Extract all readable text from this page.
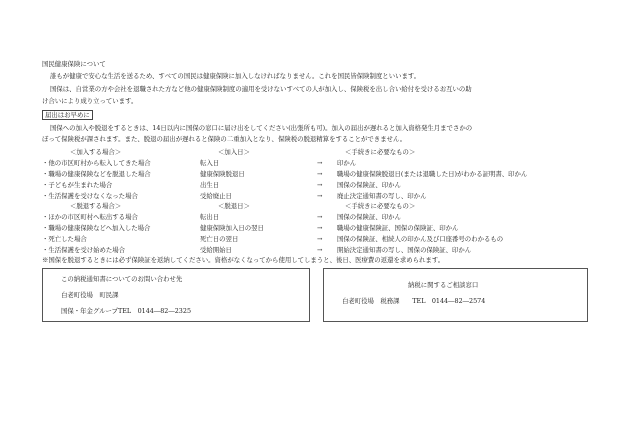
国民健康保険について
誰もが健康で安心な生活を送るため、すべての国民は健康保険に加入しなければなりません。これを国民皆保険制度といいます。
国保は、自営業の方や会社を退職された方など他の健康保険制度の適用を受けないすべての人が加入し、保険税を出し合い給付を受けるお互いの助
け合いにより成り立っています。
届出はお早めに
国保への加入や脱退をするときは、14日以内に国保の窓口に届け出をしてください(出張所も可)。加入の届出が遅れると加入資格発生月までさかの
ぼって保険税が課されます。また、脱退の届出が遅れると保険の二重加入となり、保険税の脱退精算をすることができません。
＜加入する場合＞	＜加入日＞	＜手続きに必要なもの＞
・他の市区町村から転入してきた場合	転入日	→ 印かん
・職場の健康保険などを脱退した場合	健康保険脱退日	→ 職場の健康保険脱退日(または退職した日)がわかる証明書、印かん
・子どもが生まれた場合	出生日	→ 国保の保険証、印かん
・生活保護を受けなくなった場合	受給廃止日	→ 廃止決定通知書の写し、印かん
＜脱退する場合＞	＜脱退日＞	＜手続きに必要なもの＞
・ほかの市区町村へ転出する場合	転出日	→ 国保の保険証、印かん
・職場の健康保険などへ加入した場合	健康保険加入日の翌日	→ 職場の健康保険証、国保の保険証、印かん
・死亡した場合	死亡日の翌日	→ 国保の保険証、相続人の印かん及び口座番号のわかるもの
・生活保護を受け始めた場合	受給開始日	→ 開始決定通知書の写し、国保の保険証、印かん
※国保を脱退するときには必ず保険証を返納してください。資格がなくなってから使用してしまうと、後日、医療費の返還を求められます。
この納税通知書についてのお問い合わせ先
白老町役場　町民課
国保・年金グループTEL　0144―82―2325
納税に関するご相談窓口
白老町役場　税務課　　TEL　0144―82―2574
